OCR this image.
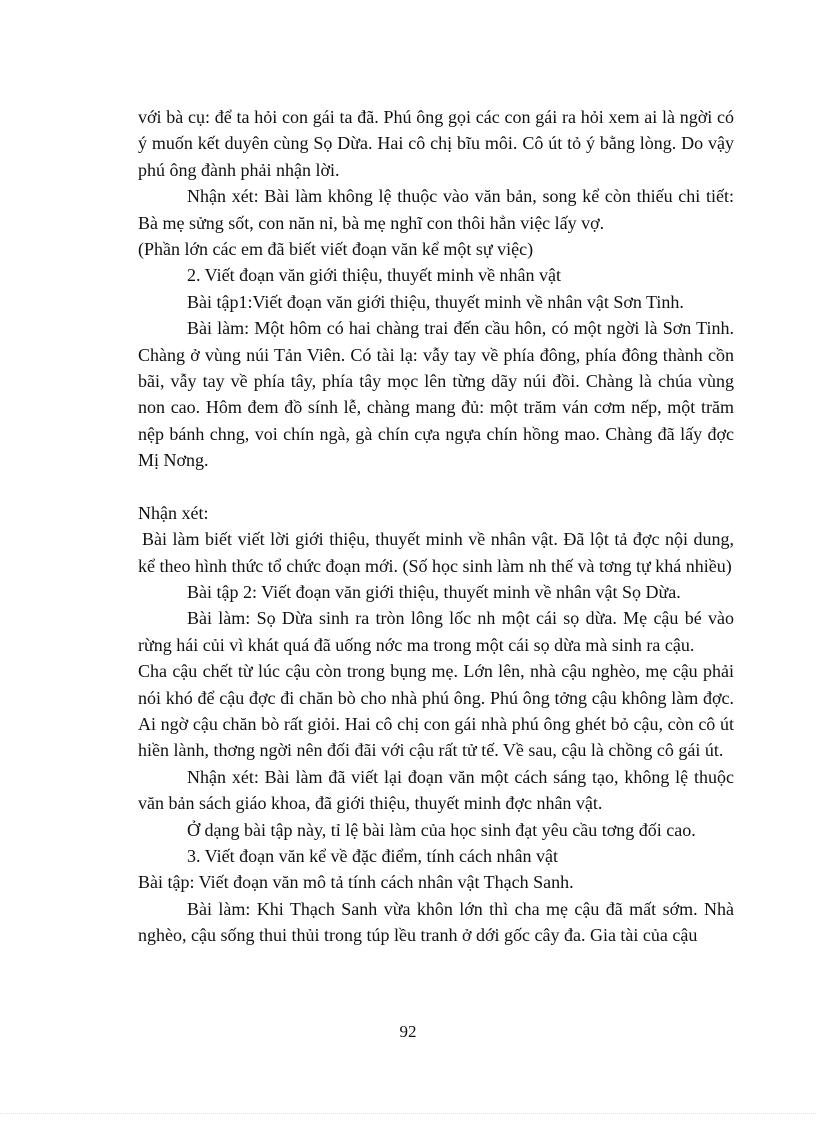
với bà cụ: để ta hỏi con gái ta đã. Phú ông gọi các con gái ra hỏi xem ai là ngời có ý muốn kết duyên cùng Sọ Dừa. Hai cô chị bĩu môi. Cô út tỏ ý bằng lòng. Do vậy phú ông đành phải nhận lời.

Nhận xét: Bài làm không lệ thuộc vào văn bản, song kể còn thiếu chi tiết: Bà mẹ sửng sốt, con năn nỉ, bà mẹ nghĩ con thôi hẳn việc lấy vợ.

(Phần lớn các em đã biết viết đoạn văn kể một sự việc)

2. Viết đoạn văn giới thiệu, thuyết minh về nhân vật

Bài tập1:Viết đoạn văn giới thiệu, thuyết minh về nhân vật Sơn Tinh.

Bài làm: Một hôm có hai chàng trai đến cầu hôn, có một ngời là Sơn Tinh. Chàng ở vùng núi Tản Viên. Có tài lạ: vẫy tay về phía đông, phía đông thành cồn bãi, vẫy tay về phía tây, phía tây mọc lên từng dãy núi đồi. Chàng là chúa vùng non cao. Hôm đem đồ sính lễ, chàng mang đủ: một trăm ván cơm nếp, một trăm nệp bánh chng, voi chín ngà, gà chín cựa ngựa chín hồng mao. Chàng đã lấy đợc Mị Nơng.

Nhận xét:

Bài làm biết viết lời giới thiệu, thuyết minh về nhân vật. Đã lột tả đợc nội dung, kể theo hình thức tổ chức đoạn mới. (Số học sinh làm nh thế và tơng tự khá nhiều)

Bài tập 2: Viết đoạn văn giới thiệu, thuyết minh về nhân vật Sọ Dừa.

Bài làm: Sọ Dừa sinh ra tròn lông lốc nh một cái sọ dừa. Mẹ cậu bé vào rừng hái củi vì khát quá đã uống nớc ma trong một cái sọ dừa mà sinh ra cậu.

Cha cậu chết từ lúc cậu còn trong bụng mẹ. Lớn lên, nhà cậu nghèo, mẹ cậu phải nói khó để cậu đợc đi chăn bò cho nhà phú ông. Phú ông tởng cậu không làm đợc. Ai ngờ cậu chăn bò rất giỏi. Hai cô chị con gái nhà phú ông ghét bỏ cậu, còn cô út hiền lành, thơng ngời nên đối đãi với cậu rất tử tế. Về sau, cậu là chồng cô gái út.

Nhận xét: Bài làm đã viết lại đoạn văn một cách sáng tạo, không lệ thuộc văn bản sách giáo khoa, đã giới thiệu, thuyết minh đợc nhân vật.

Ở dạng bài tập này, tỉ lệ bài làm của học sinh đạt yêu cầu tơng đối cao.

3. Viết đoạn văn kể về đặc điểm, tính cách nhân vật

Bài tập: Viết đoạn văn mô tả tính cách nhân vật Thạch Sanh.

Bài làm: Khi Thạch Sanh vừa khôn lớn thì cha mẹ cậu đã mất sớm. Nhà nghèo, cậu sống thui thủi trong túp lều tranh ở dới gốc cây đa. Gia tài của cậu

92
